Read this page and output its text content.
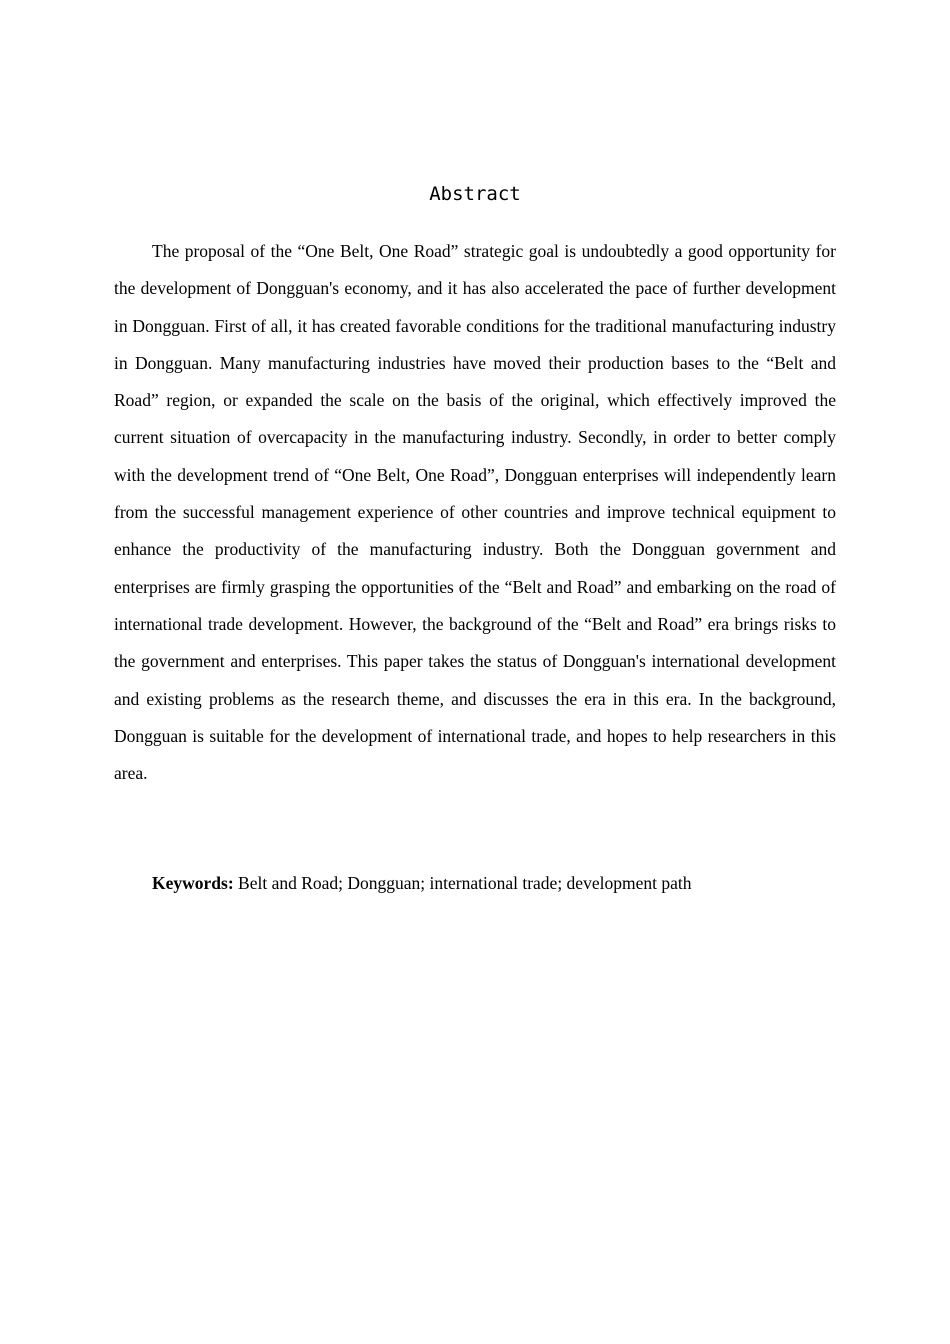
Abstract

The proposal of the “One Belt, One Road” strategic goal is undoubtedly a good opportunity for the development of Dongguan's economy, and it has also accelerated the pace of further development in Dongguan. First of all, it has created favorable conditions for the traditional manufacturing industry in Dongguan. Many manufacturing industries have moved their production bases to the “Belt and Road” region, or expanded the scale on the basis of the original, which effectively improved the current situation of overcapacity in the manufacturing industry. Secondly, in order to better comply with the development trend of “One Belt, One Road”, Dongguan enterprises will independently learn from the successful management experience of other countries and improve technical equipment to enhance the productivity of the manufacturing industry. Both the Dongguan government and enterprises are firmly grasping the opportunities of the “Belt and Road” and embarking on the road of international trade development. However, the background of the “Belt and Road” era brings risks to the government and enterprises. This paper takes the status of Dongguan's international development and existing problems as the research theme, and discusses the era in this era. In the background, Dongguan is suitable for the development of international trade, and hopes to help researchers in this area.

Keywords: Belt and Road; Dongguan; international trade; development path
